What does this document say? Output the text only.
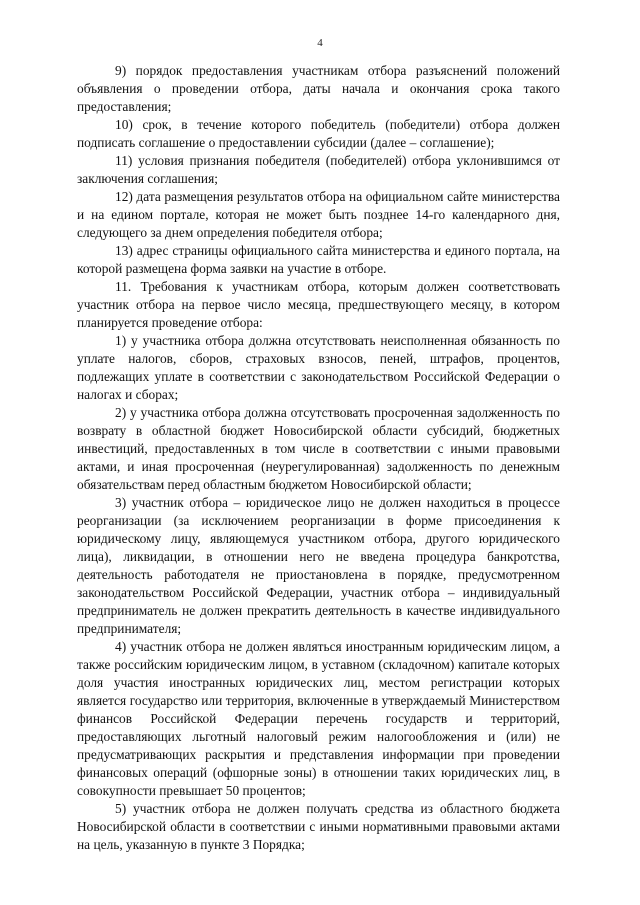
4

9) порядок предоставления участникам отбора разъяснений положений объявления о проведении отбора, даты начала и окончания срока такого предоставления;

10) срок, в течение которого победитель (победители) отбора должен подписать соглашение о предоставлении субсидии (далее – соглашение);

11) условия признания победителя (победителей) отбора уклонившимся от заключения соглашения;

12) дата размещения результатов отбора на официальном сайте министерства и на едином портале, которая не может быть позднее 14-го календарного дня, следующего за днем определения победителя отбора;

13) адрес страницы официального сайта министерства и единого портала, на которой размещена форма заявки на участие в отборе.

11. Требования к участникам отбора, которым должен соответствовать участник отбора на первое число месяца, предшествующего месяцу, в котором планируется проведение отбора:

1) у участника отбора должна отсутствовать неисполненная обязанность по уплате налогов, сборов, страховых взносов, пеней, штрафов, процентов, подлежащих уплате в соответствии с законодательством Российской Федерации о налогах и сборах;

2) у участника отбора должна отсутствовать просроченная задолженность по возврату в областной бюджет Новосибирской области субсидий, бюджетных инвестиций, предоставленных в том числе в соответствии с иными правовыми актами, и иная просроченная (неурегулированная) задолженность по денежным обязательствам перед областным бюджетом Новосибирской области;

3) участник отбора – юридическое лицо не должен находиться в процессе реорганизации (за исключением реорганизации в форме присоединения к юридическому лицу, являющемуся участником отбора, другого юридического лица), ликвидации, в отношении него не введена процедура банкротства, деятельность работодателя не приостановлена в порядке, предусмотренном законодательством Российской Федерации, участник отбора – индивидуальный предприниматель не должен прекратить деятельность в качестве индивидуального предпринимателя;

4) участник отбора не должен являться иностранным юридическим лицом, а также российским юридическим лицом, в уставном (складочном) капитале которых доля участия иностранных юридических лиц, местом регистрации которых является государство или территория, включенные в утверждаемый Министерством финансов Российской Федерации перечень государств и территорий, предоставляющих льготный налоговый режим налогообложения и (или) не предусматривающих раскрытия и представления информации при проведении финансовых операций (офшорные зоны) в отношении таких юридических лиц, в совокупности превышает 50 процентов;

5) участник отбора не должен получать средства из областного бюджета Новосибирской области в соответствии с иными нормативными правовыми актами на цель, указанную в пункте 3 Порядка;
